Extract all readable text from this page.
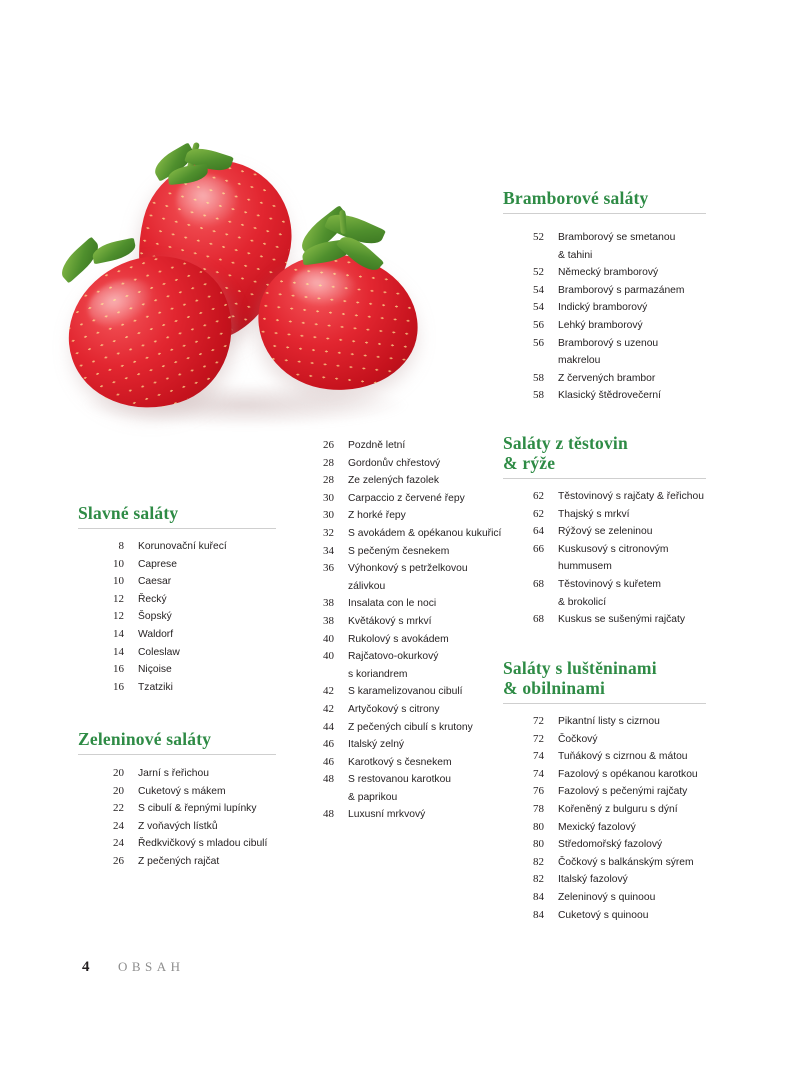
Slavné saláty
8 Korunovační kuřecí
10 Caprese
10 Caesar
12 Řecký
12 Šopský
14 Waldorf
14 Coleslaw
16 Niçoise
16 Tzatziki
Zeleninové saláty
20 Jarní s řeřichou
20 Cuketový s mákem
22 S cibulí & řepnými lupínky
24 Z voňavých lístků
24 Ředkvičkový s mladou cibulí
26 Z pečených rajčat
26 Pozdně letní
28 Gordonův chřestový
28 Ze zelených fazolek
30 Carpaccio z červené řepy
30 Z horké řepy
32 S avokádem & opékanou kukuřicí
34 S pečeným česnekem
36 Výhonkový s petrželkovou
zálivkou
38 Insalata con le noci
38 Květákový s mrkví
40 Rukolový s avokádem
40 Rajčatovo-okurkový
s koriandrem
42 S karamelizovanou cibulí
42 Artyčokový s citrony
44 Z pečených cibulí s krutony
46 Italský zelný
46 Karotkový s česnekem
48 S restovanou karotkou
& paprikou
48 Luxusní mrkvový
Bramborové saláty
52 Bramborový se smetanou
& tahini
52 Německý bramborový
54 Bramborový s parmazánem
54 Indický bramborový
56 Lehký bramborový
56 Bramborový s uzenou
makrelou
58 Z červených brambor
58 Klasický štědrovečerní
Saláty z těstovin
& rýže
62 Těstovinový s rajčaty & řeřichou
62 Thajský s mrkví
64 Rýžový se zeleninou
66 Kuskusový s citronovým
hummusem
68 Těstovinový s kuřetem
& brokolicí
68 Kuskus se sušenými rajčaty
Saláty s luštěninami
& obilninami
72 Pikantní listy s cizrnou
72 Čočkový
74 Tuňákový s cizrnou & mátou
74 Fazolový s opékanou karotkou
76 Fazolový s pečenými rajčaty
78 Kořeněný z bulguru s dýní
80 Mexický fazolový
80 Středomořský fazolový
82 Čočkový s balkánským sýrem
82 Italský fazolový
84 Zeleninový s quinoou
84 Cuketový s quinoou
4 OBSAH
